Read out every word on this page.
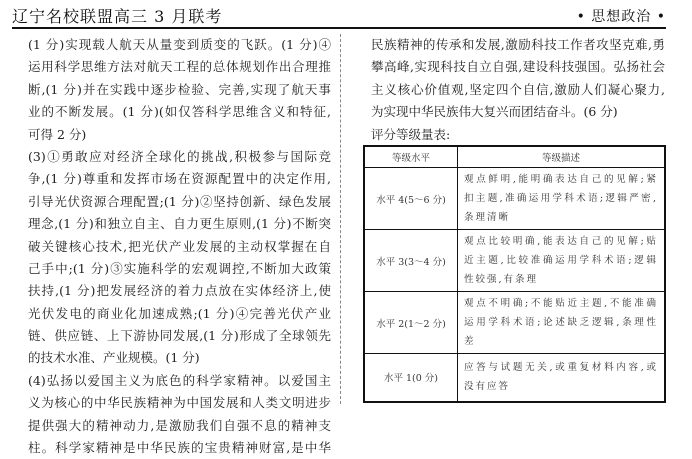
辽宁名校联盟高三 3 月联考	• 思想政治 •
(1 分)实现载人航天从量变到质变的飞跃。(1 分)④
运用科学思维方法对航天工程的总体规划作出合理推
断,(1 分)并在实践中逐步检验、完善,实现了航天事
业的不断发展。(1 分)(如仅答科学思维含义和特征,
可得 2 分)
(3)①勇敢应对经济全球化的挑战,积极参与国际竞
争,(1 分)尊重和发挥市场在资源配置中的决定作用,
引导光伏资源合理配置;(1 分)②坚持创新、绿色发展
理念,(1 分)和独立自主、自力更生原则,(1 分)不断突
破关键核心技术,把光伏产业发展的主动权掌握在自
己手中;(1 分)③实施科学的宏观调控,不断加大政策
扶持,(1 分)把发展经济的着力点放在实体经济上,使
光伏发电的商业化加速成熟;(1 分)④完善光伏产业
链、供应链、上下游协同发展,(1 分)形成了全球领先
的技术水准、产业规模。(1 分)
(4)弘扬以爱国主义为底色的科学家精神。以爱国主
义为核心的中华民族精神为中国发展和人类文明进步
提供强大的精神动力,是激励我们自强不息的精神支
柱。科学家精神是中华民族的宝贵精神财富,是中华
民族精神的传承和发展,激励科技工作者攻坚克难,勇
攀高峰,实现科技自立自强,建设科技强国。弘扬社会
主义核心价值观,坚定四个自信,激励人们凝心聚力,
为实现中华民族伟大复兴而团结奋斗。(6 分)
评分等级量表:
等级水平	等级描述
水平 4(5～6 分)	观点鲜明,能明确表达自己的见解;紧扣主题,准确运用学科术语;逻辑严密,条理清晰
水平 3(3～4 分)	观点比较明确,能表达自己的见解;贴近主题,比较准确运用学科术语;逻辑性较强,有条理
水平 2(1～2 分)	观点不明确;不能贴近主题,不能准确运用学科术语;论述缺乏逻辑,条理性差
水平 1(0 分)	应答与试题无关,或重复材料内容,或没有应答
